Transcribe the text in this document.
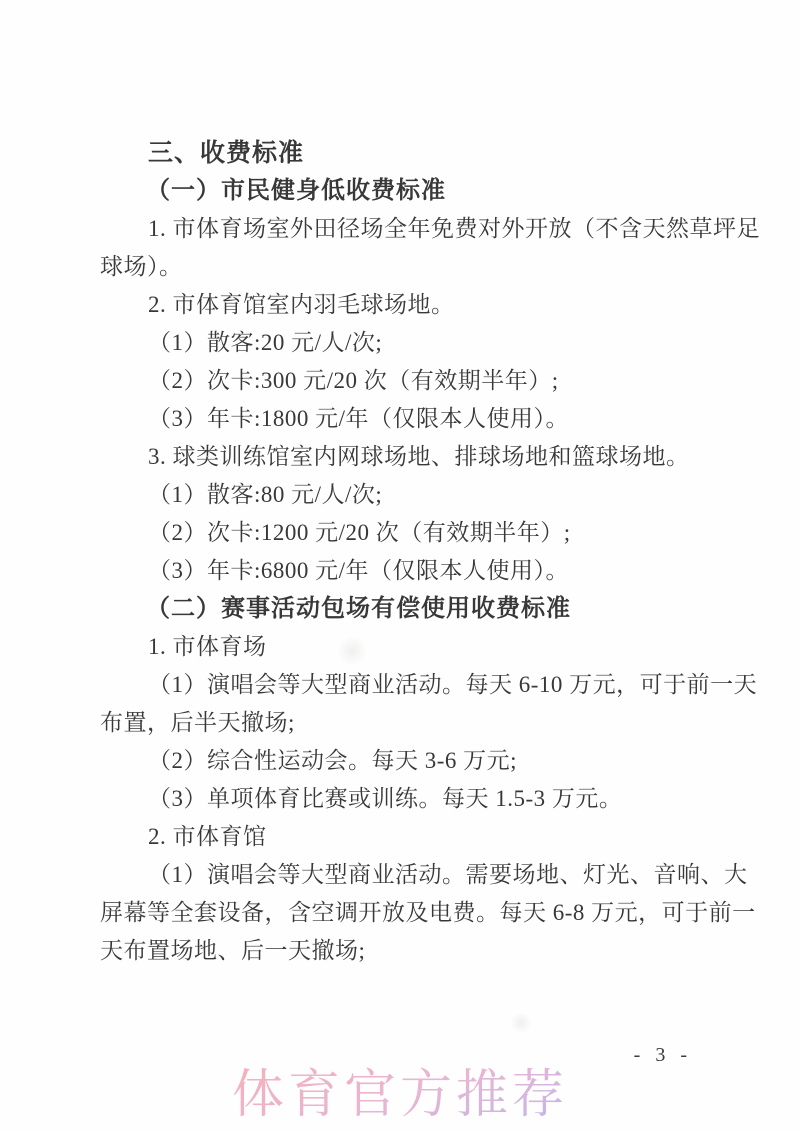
三、收费标准
（一）市民健身低收费标准
1. 市体育场室外田径场全年免费对外开放（不含天然草坪足
球场）。
2. 市体育馆室内羽毛球场地。
（1）散客:20 元/人/次;
（2）次卡:300 元/20 次（有效期半年）;
（3）年卡:1800 元/年（仅限本人使用）。
3. 球类训练馆室内网球场地、排球场地和篮球场地。
（1）散客:80 元/人/次;
（2）次卡:1200 元/20 次（有效期半年）;
（3）年卡:6800 元/年（仅限本人使用）。
（二）赛事活动包场有偿使用收费标准
1. 市体育场
（1）演唱会等大型商业活动。每天 6-10 万元，可于前一天
布置，后半天撤场;
（2）综合性运动会。每天 3-6 万元;
（3）单项体育比赛或训练。每天 1.5-3 万元。
2. 市体育馆
（1）演唱会等大型商业活动。需要场地、灯光、音响、大
屏幕等全套设备，含空调开放及电费。每天 6-8 万元，可于前一
天布置场地、后一天撤场;
- 3 -
体育官方推荐
